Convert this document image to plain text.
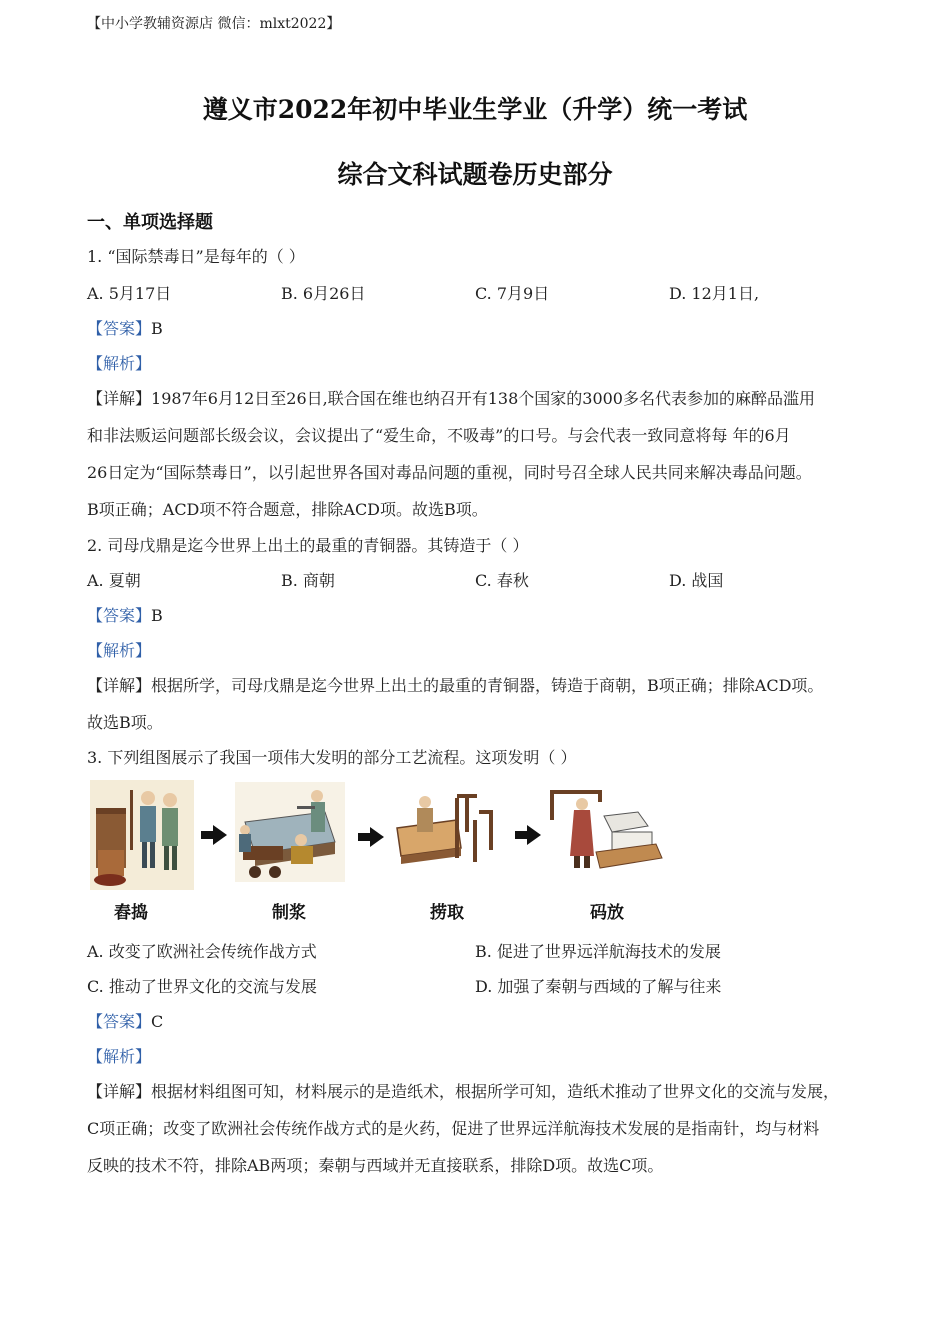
【中小学教辅资源店 微信：mlxt2022】
遵义市2022年初中毕业生学业（升学）统一考试
综合文科试题卷历史部分
一、单项选择题
1. “国际禁毒日”是每年的（ ）
A. 5月17日	B. 6月26日	C. 7月9日	D. 12月1日,
【答案】B
【解析】
【详解】1987年6月12日至26日,联合国在维也纳召开有138个国家的3000多名代表参加的麻醉品滥用
和非法贩运问题部长级会议，会议提出了“爱生命，不吸毒”的口号。与会代表一致同意将每 年的6月
26日定为“国际禁毒日”，以引起世界各国对毒品问题的重视，同时号召全球人民共同来解决毒品问题。
B项正确；ACD项不符合题意，排除ACD项。故选B项。
2. 司母戊鼎是迄今世界上出土的最重的青铜器。其铸造于（ ）
A. 夏朝	B. 商朝	C. 春秋	D. 战国
【答案】B
【解析】
【详解】根据所学，司母戊鼎是迄今世界上出土的最重的青铜器，铸造于商朝，B项正确；排除ACD项。
故选B项。
3. 下列组图展示了我国一项伟大发明的部分工艺流程。这项发明（ ）
舂捣	制浆	捞取	码放
A. 改变了欧洲社会传统作战方式	B. 促进了世界远洋航海技术的发展
C. 推动了世界文化的交流与发展	D. 加强了秦朝与西域的了解与往来
【答案】C
【解析】
【详解】根据材料组图可知，材料展示的是造纸术，根据所学可知，造纸术推动了世界文化的交流与发展，
C项正确；改变了欧洲社会传统作战方式的是火药，促进了世界远洋航海技术发展的是指南针，均与材料
反映的技术不符，排除AB两项；秦朝与西域并无直接联系，排除D项。故选C项。
